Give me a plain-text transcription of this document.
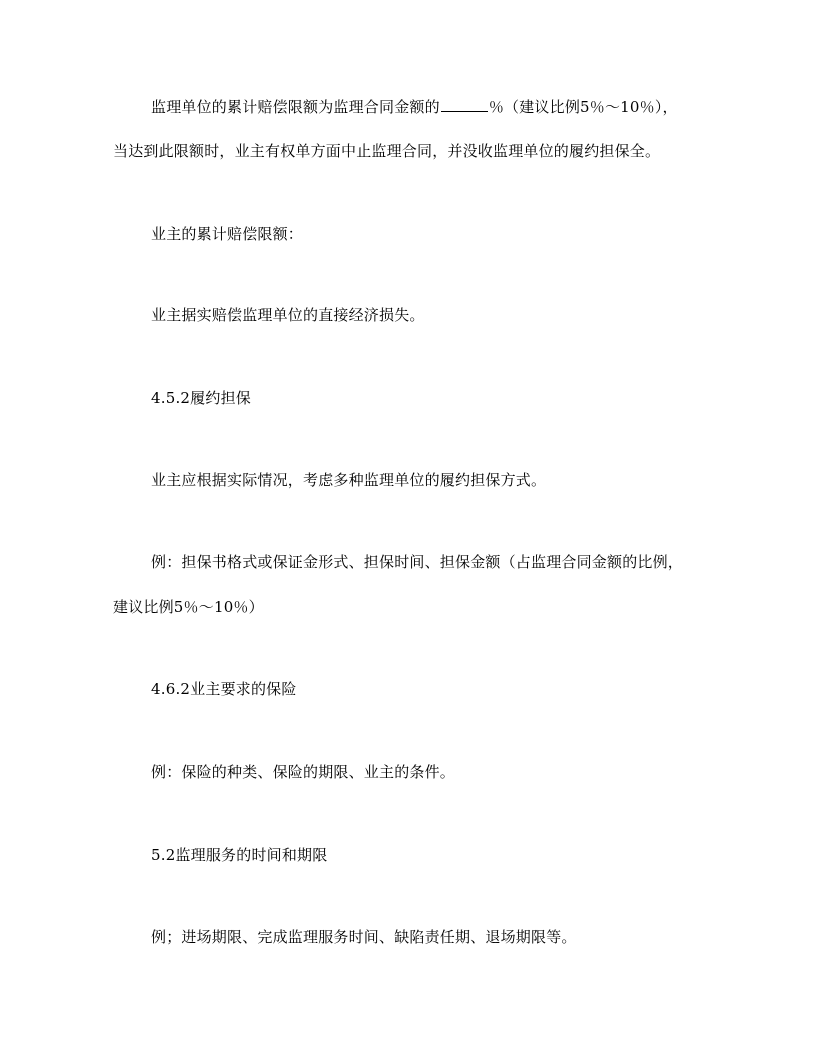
监理单位的累计赔偿限额为监理合同金额的	％（建议比例5％～10％），
当达到此限额时，业主有权单方面中止监理合同，并没收监理单位的履约担保全。
业主的累计赔偿限额：
业主据实赔偿监理单位的直接经济损失。
4.5.2履约担保
业主应根据实际情况，考虑多种监理单位的履约担保方式。
例：担保书格式或保证金形式、担保时间、担保金额（占监理合同金额的比例，
建议比例5％～10％）
4.6.2业主要求的保险
例：保险的种类、保险的期限、业主的条件。
5.2监理服务的时间和期限
例；进场期限、完成监理服务时间、缺陷责任期、退场期限等。
